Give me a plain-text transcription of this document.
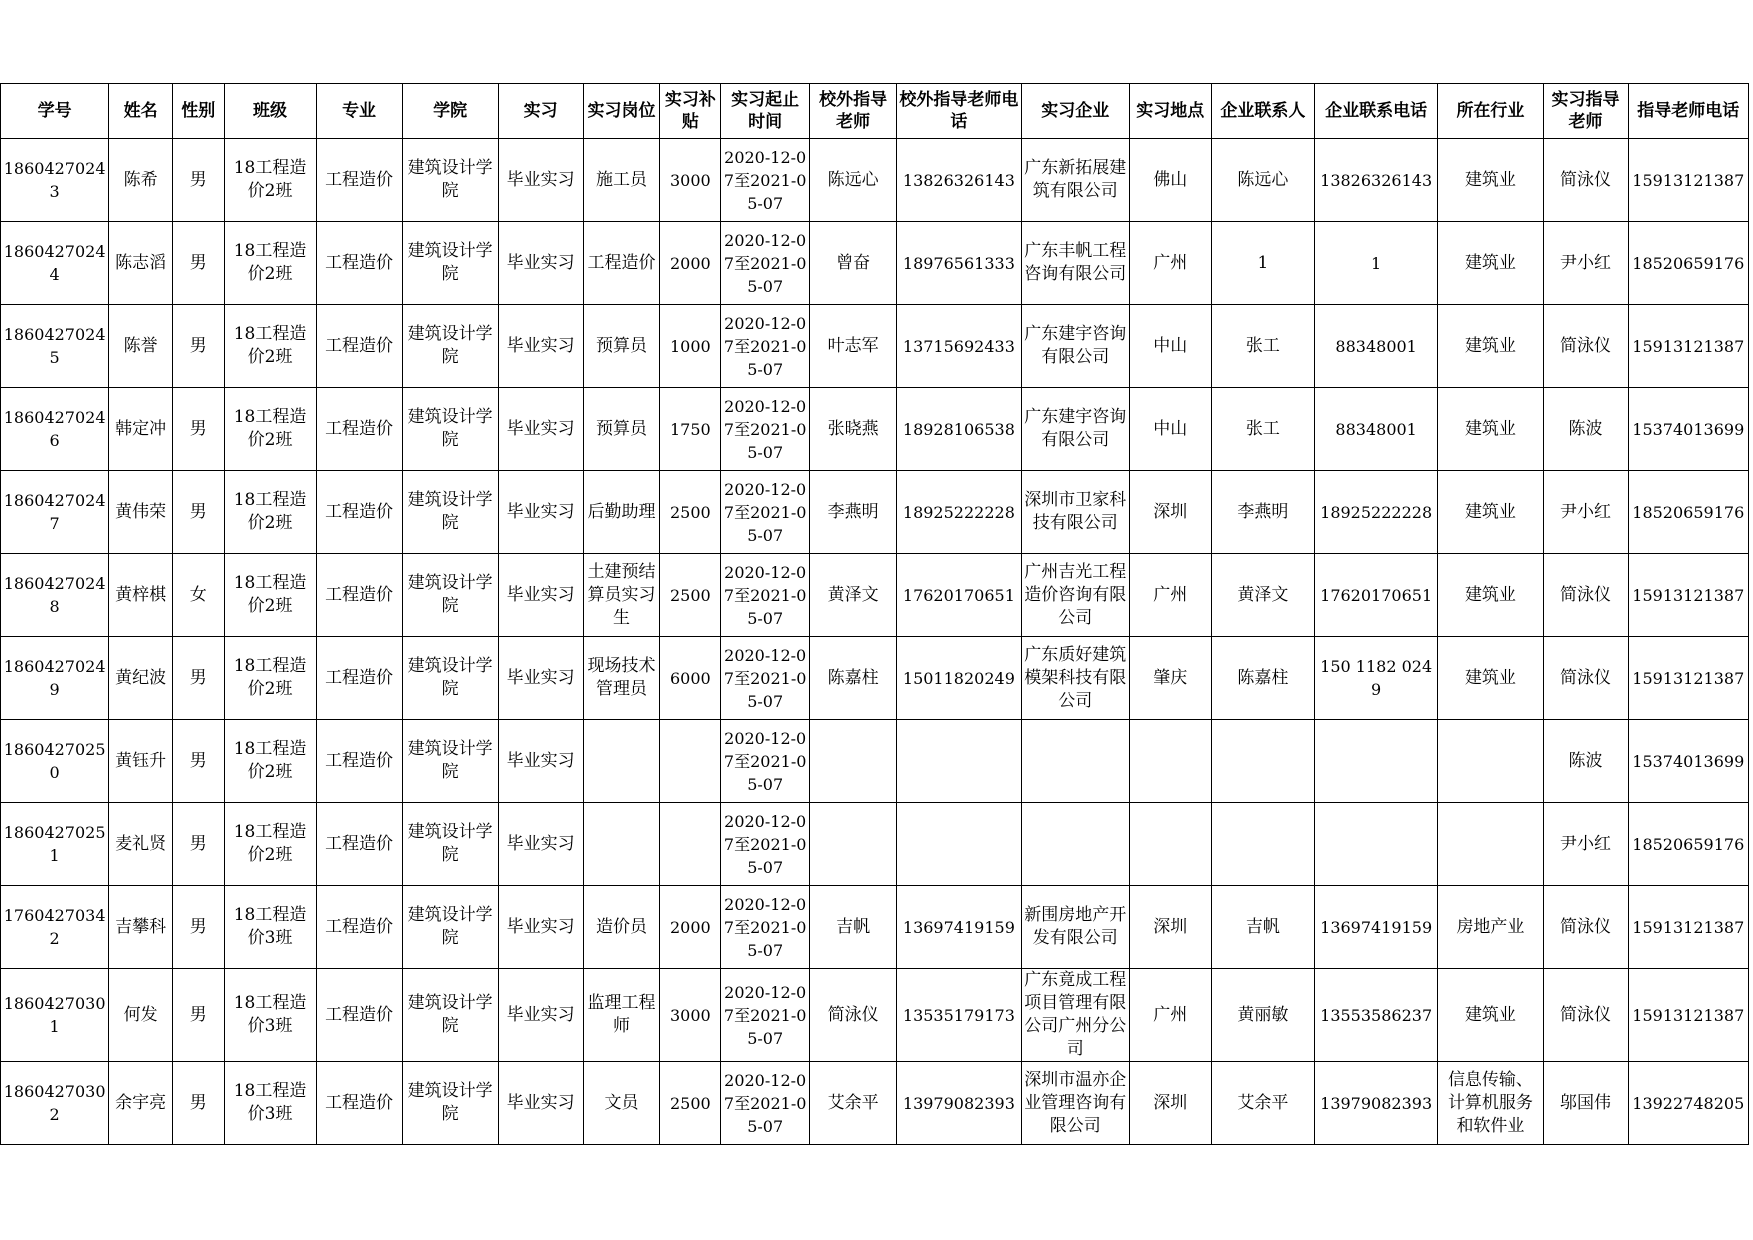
学号	姓名	性别	班级	专业	学院	实习	实习岗位	实习补贴	实习起止时间	校外指导老师	校外指导老师电话	实习企业	实习地点	企业联系人	企业联系电话	所在行业	实习指导老师	指导老师电话
18604270243	陈希	男	18工程造价2班	工程造价	建筑设计学院	毕业实习	施工员	3000	2020-12-07至2021-05-07	陈远心	13826326143	广东新拓展建筑有限公司	佛山	陈远心	13826326143	建筑业	简泳仪	15913121387
18604270244	陈志滔	男	18工程造价2班	工程造价	建筑设计学院	毕业实习	工程造价	2000	2020-12-07至2021-05-07	曾奋	18976561333	广东丰帆工程咨询有限公司	广州	1	1	建筑业	尹小红	18520659176
18604270245	陈誉	男	18工程造价2班	工程造价	建筑设计学院	毕业实习	预算员	1000	2020-12-07至2021-05-07	叶志军	13715692433	广东建宇咨询有限公司	中山	张工	88348001	建筑业	简泳仪	15913121387
18604270246	韩定冲	男	18工程造价2班	工程造价	建筑设计学院	毕业实习	预算员	1750	2020-12-07至2021-05-07	张晓燕	18928106538	广东建宇咨询有限公司	中山	张工	88348001	建筑业	陈波	15374013699
18604270247	黄伟荣	男	18工程造价2班	工程造价	建筑设计学院	毕业实习	后勤助理	2500	2020-12-07至2021-05-07	李燕明	18925222228	深圳市卫家科技有限公司	深圳	李燕明	18925222228	建筑业	尹小红	18520659176
18604270248	黄梓棋	女	18工程造价2班	工程造价	建筑设计学院	毕业实习	土建预结算员实习生	2500	2020-12-07至2021-05-07	黄泽文	17620170651	广州吉光工程造价咨询有限公司	广州	黄泽文	17620170651	建筑业	简泳仪	15913121387
18604270249	黄纪波	男	18工程造价2班	工程造价	建筑设计学院	毕业实习	现场技术管理员	6000	2020-12-07至2021-05-07	陈嘉柱	15011820249	广东质好建筑模架科技有限公司	肇庆	陈嘉柱	150 1182 0249	建筑业	简泳仪	15913121387
18604270250	黄钰升	男	18工程造价2班	工程造价	建筑设计学院	毕业实习			2020-12-07至2021-05-07								陈波	15374013699
18604270251	麦礼贤	男	18工程造价2班	工程造价	建筑设计学院	毕业实习			2020-12-07至2021-05-07								尹小红	18520659176
17604270342	吉攀科	男	18工程造价3班	工程造价	建筑设计学院	毕业实习	造价员	2000	2020-12-07至2021-05-07	吉帆	13697419159	新围房地产开发有限公司	深圳	吉帆	13697419159	房地产业	简泳仪	15913121387
18604270301	何发	男	18工程造价3班	工程造价	建筑设计学院	毕业实习	监理工程师	3000	2020-12-07至2021-05-07	简泳仪	13535179173	广东竟成工程项目管理有限公司广州分公司	广州	黄丽敏	13553586237	建筑业	简泳仪	15913121387
18604270302	余宇亮	男	18工程造价3班	工程造价	建筑设计学院	毕业实习	文员	2500	2020-12-07至2021-05-07	艾余平	13979082393	深圳市温亦企业管理咨询有限公司	深圳	艾余平	13979082393	信息传输、计算机服务和软件业	邬国伟	13922748205
